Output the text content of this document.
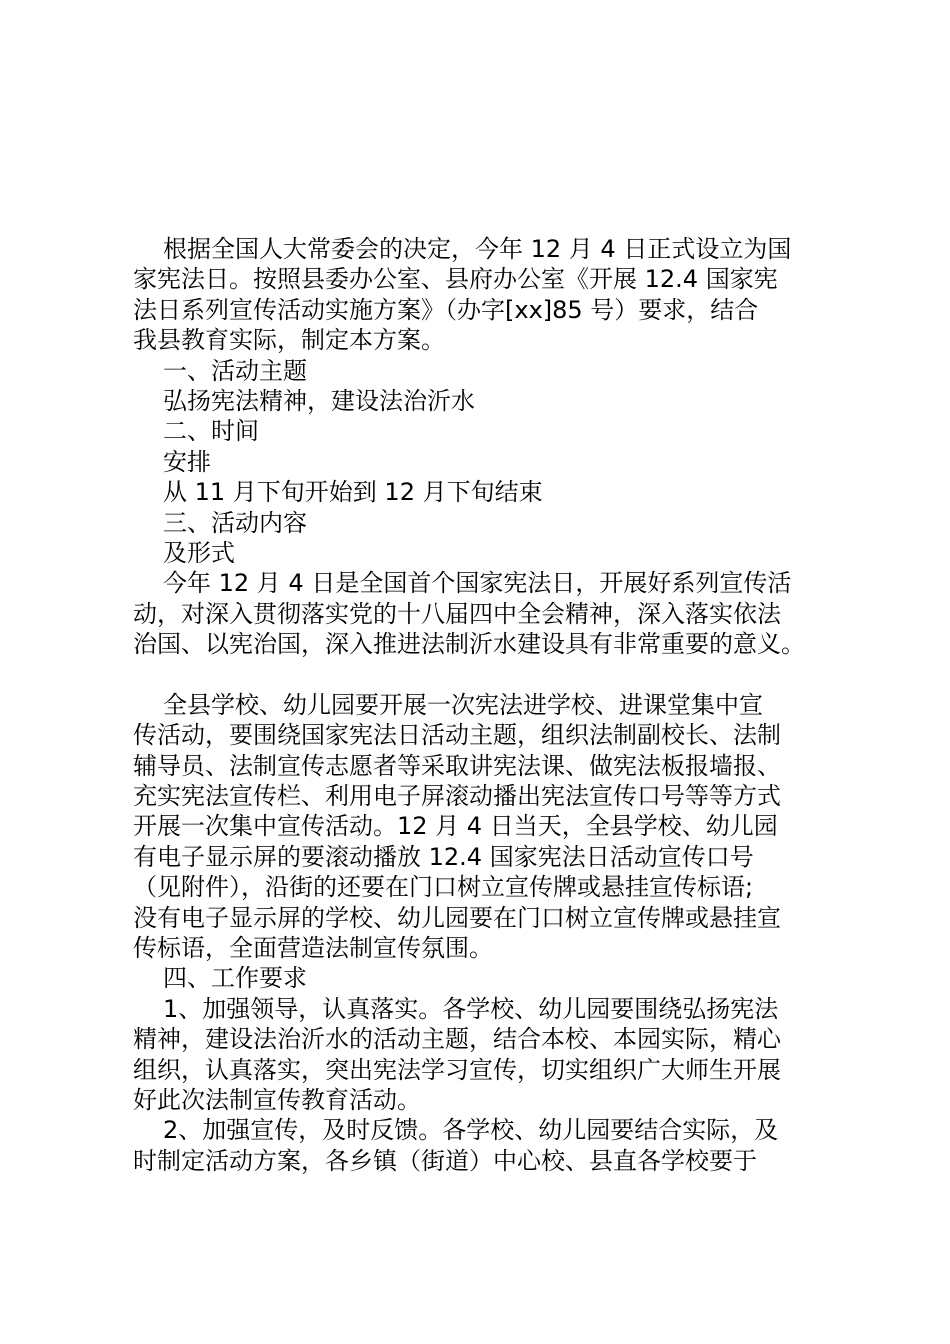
根据全国人大常委会的决定，今年 12 月 4 日正式设立为国
家宪法日。按照县委办公室、县府办公室《开展 12.4 国家宪
法日系列宣传活动实施方案》（办字[xx]85 号）要求，结合
我县教育实际，制定本方案。
一、活动主题
弘扬宪法精神，建设法治沂水
二、时间
安排
从 11 月下旬开始到 12 月下旬结束
三、活动内容
及形式
今年 12 月 4 日是全国首个国家宪法日，开展好系列宣传活
动，对深入贯彻落实党的十八届四中全会精神，深入落实依法
治国、以宪治国，深入推进法制沂水建设具有非常重要的意义。
全县学校、幼儿园要开展一次宪法进学校、进课堂集中宣
传活动，要围绕国家宪法日活动主题，组织法制副校长、法制
辅导员、法制宣传志愿者等采取讲宪法课、做宪法板报墙报、
充实宪法宣传栏、利用电子屏滚动播出宪法宣传口号等等方式
开展一次集中宣传活动。12 月 4 日当天，全县学校、幼儿园
有电子显示屏的要滚动播放 12.4 国家宪法日活动宣传口号
（见附件），沿街的还要在门口树立宣传牌或悬挂宣传标语;
没有电子显示屏的学校、幼儿园要在门口树立宣传牌或悬挂宣
传标语，全面营造法制宣传氛围。
四、工作要求
1、加强领导，认真落实。各学校、幼儿园要围绕弘扬宪法
精神，建设法治沂水的活动主题，结合本校、本园实际，精心
组织，认真落实，突出宪法学习宣传，切实组织广大师生开展
好此次法制宣传教育活动。
2、加强宣传，及时反馈。各学校、幼儿园要结合实际，及
时制定活动方案，各乡镇（街道）中心校、县直各学校要于
